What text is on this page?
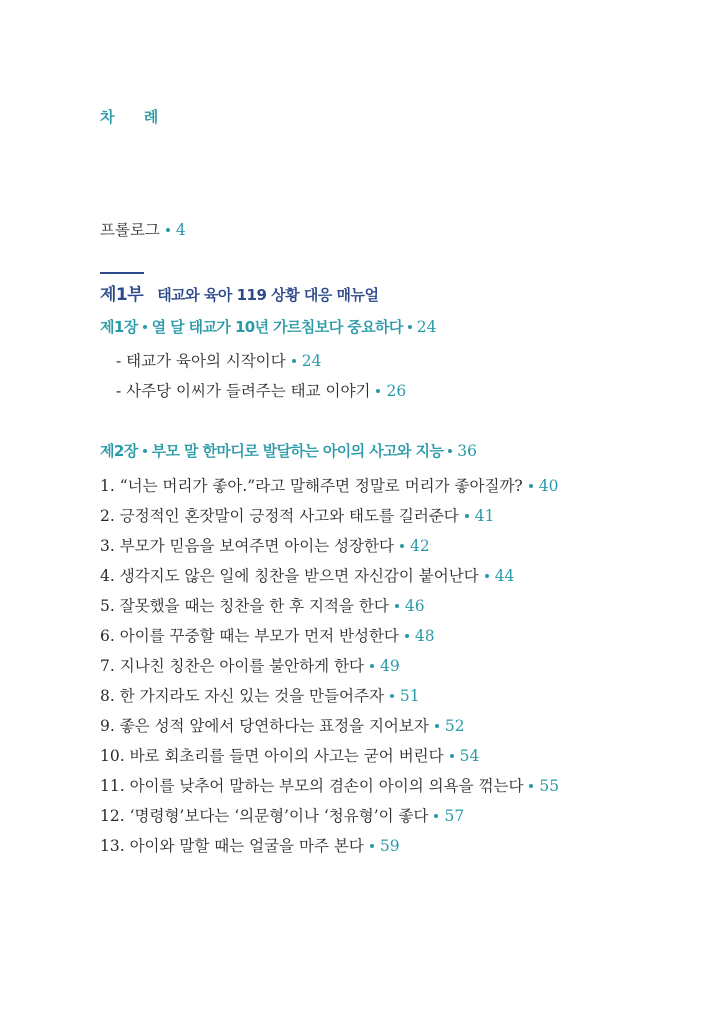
차 례
프롤로그 4
제1부 태교와 육아 119 상황 대응 매뉴얼
제1장 열 달 태교가 10년 가르침보다 중요하다 24
- 태교가 육아의 시작이다 24
- 사주당 이씨가 들려주는 태교 이야기 26
제2장 부모 말 한마디로 발달하는 아이의 사고와 지능 36
1. “너는 머리가 좋아.”라고 말해주면 정말로 머리가 좋아질까? 40
2. 긍정적인 혼잣말이 긍정적 사고와 태도를 길러준다 41
3. 부모가 믿음을 보여주면 아이는 성장한다 42
4. 생각지도 않은 일에 칭찬을 받으면 자신감이 붙어난다 44
5. 잘못했을 때는 칭찬을 한 후 지적을 한다 46
6. 아이를 꾸중할 때는 부모가 먼저 반성한다 48
7. 지나친 칭찬은 아이를 불안하게 한다 49
8. 한 가지라도 자신 있는 것을 만들어주자 51
9. 좋은 성적 앞에서 당연하다는 표정을 지어보자 52
10. 바로 회초리를 들면 아이의 사고는 굳어 버린다 54
11. 아이를 낮추어 말하는 부모의 겸손이 아이의 의욕을 꺾는다 55
12. ‘명령형’보다는 ‘의문형’이나 ‘청유형’이 좋다 57
13. 아이와 말할 때는 얼굴을 마주 본다 59
